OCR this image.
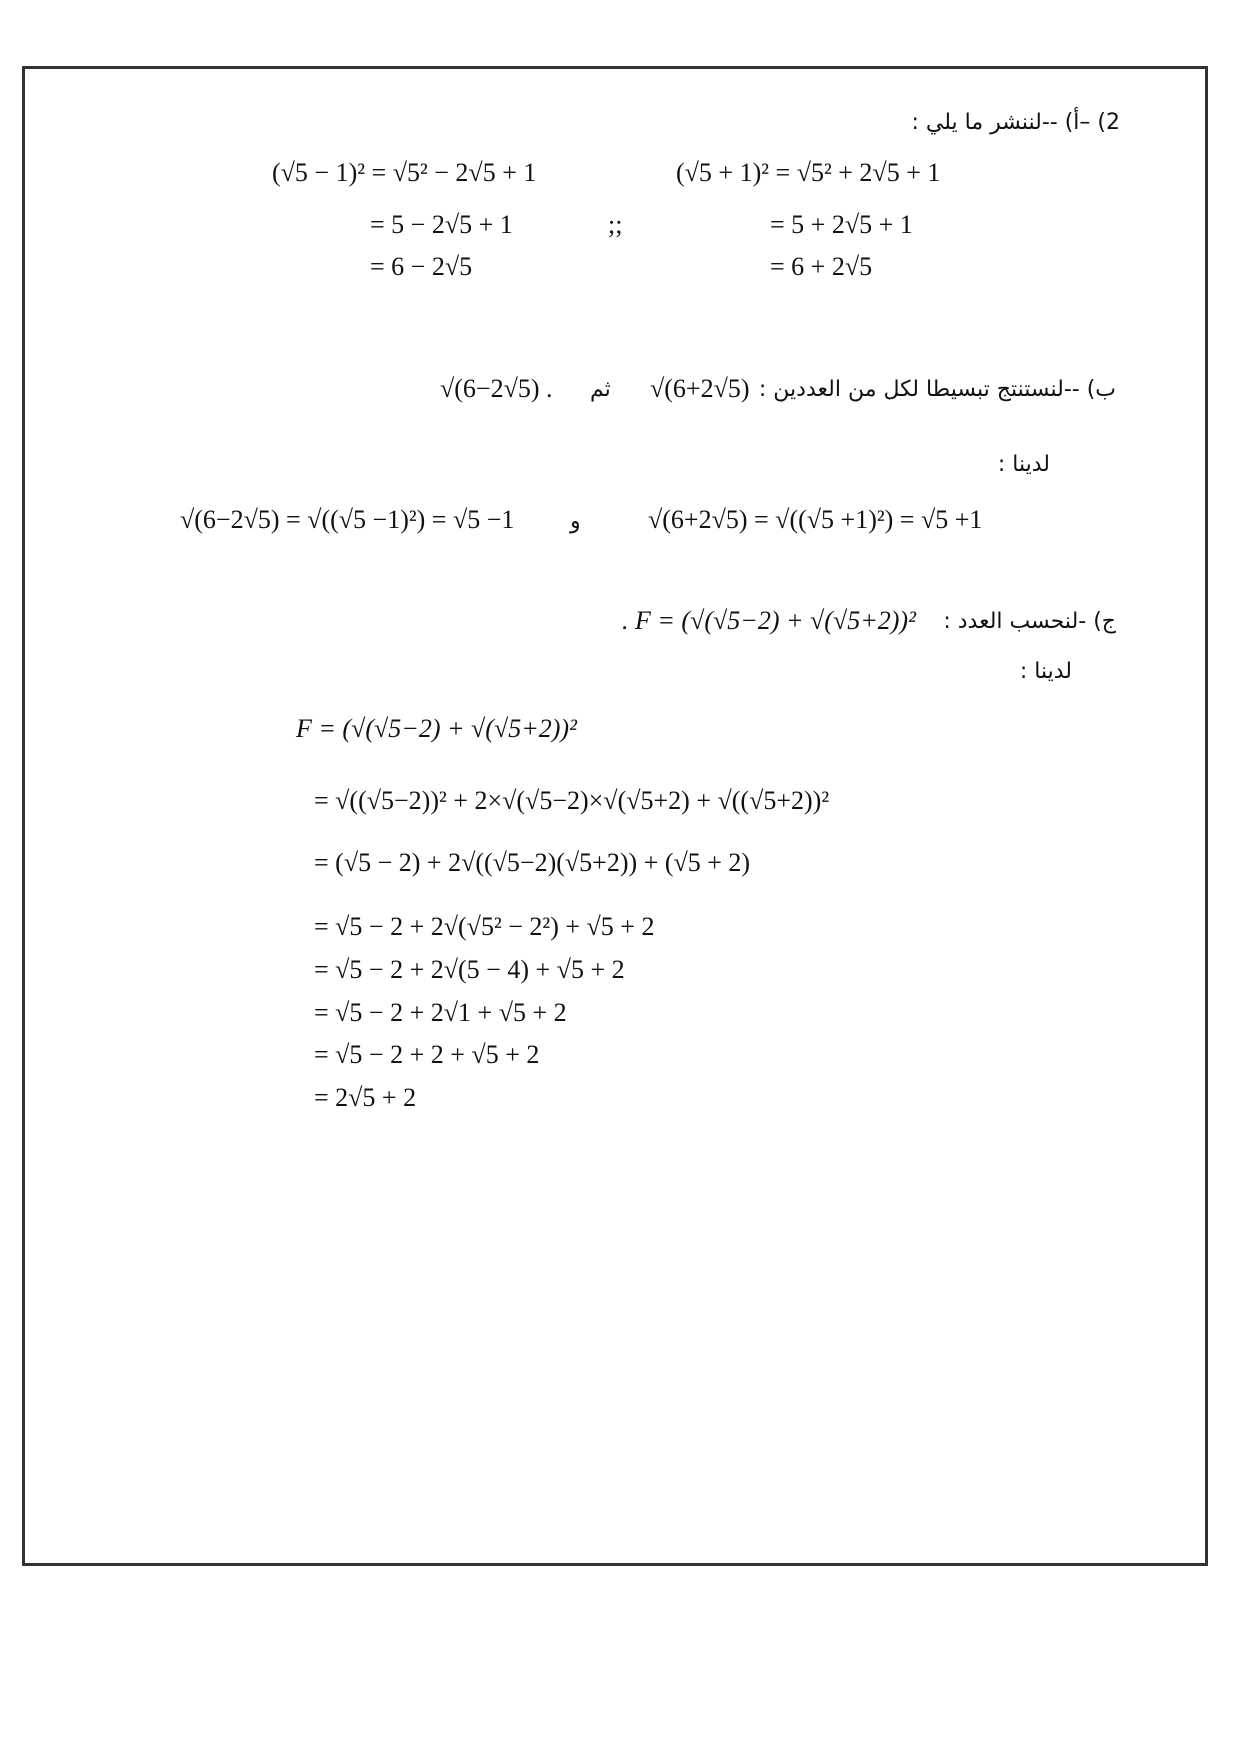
2) –أ) --لننشر ما يلي :
(√5 − 1)² = √5² − 2√5 + 1
= 5 − 2√5 + 1
= 6 − 2√5
;;
(√5 + 1)² = √5² + 2√5 + 1
= 5 + 2√5 + 1
= 6 + 2√5
ب) --لنستنتج تبسيطا لكل من العددين :
√(6+2√5)
ثم
√(6−2√5) .
لدينا :
√(6−2√5) = √((√5 −1)²) = √5 −1	و	√(6+2√5) = √((√5 +1)²) = √5 +1
ج) -لنحسب العدد :
. F = (√(√5−2) + √(√5+2))²
لدينا :
F = (√(√5−2) + √(√5+2))²
= √((√5−2))² + 2×√(√5−2)×√(√5+2) + √((√5+2))²
= (√5 − 2) + 2√((√5−2)(√5+2)) + (√5 + 2)
= √5 − 2 + 2√(√5² − 2²) + √5 + 2
= √5 − 2 + 2√(5 − 4) + √5 + 2
= √5 − 2 + 2√1 + √5 + 2
= √5 − 2 + 2 + √5 + 2
= 2√5 + 2
